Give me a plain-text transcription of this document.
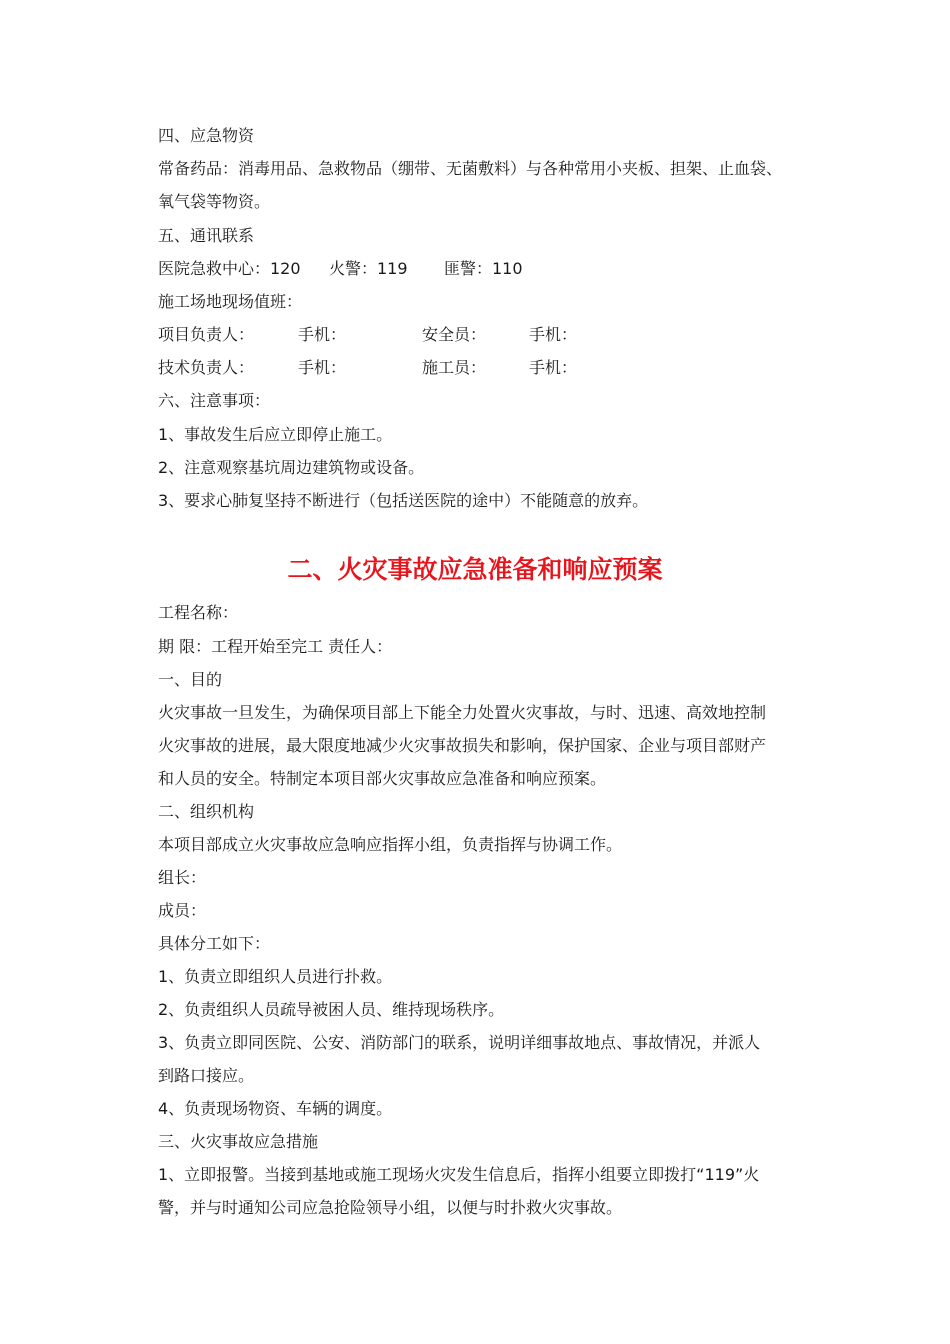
四、应急物资
常备药品：消毒用品、急救物品（绷带、无菌敷料）与各种常用小夹板、担架、止血袋、
氧气袋等物资。
五、通讯联系
医院急救中心：120 火警：119 匪警：110
施工场地现场值班：
项目负责人：	手机：	安全员：	手机：
技术负责人：	手机：	施工员：	手机：
六、注意事项：
1、事故发生后应立即停止施工。
2、注意观察基坑周边建筑物或设备。
3、要求心肺复坚持不断进行（包括送医院的途中）不能随意的放弃。
二、火灾事故应急准备和响应预案
工程名称：
期 限：工程开始至完工 责任人：
一、目的
火灾事故一旦发生，为确保项目部上下能全力处置火灾事故，与时、迅速、高效地控制
火灾事故的进展，最大限度地减少火灾事故损失和影响，保护国家、企业与项目部财产
和人员的安全。特制定本项目部火灾事故应急准备和响应预案。
二、组织机构
本项目部成立火灾事故应急响应指挥小组，负责指挥与协调工作。
组长：
成员：
具体分工如下：
1、负责立即组织人员进行扑救。
2、负责组织人员疏导被困人员、维持现场秩序。
3、负责立即同医院、公安、消防部门的联系，说明详细事故地点、事故情况，并派人
到路口接应。
4、负责现场物资、车辆的调度。
三、火灾事故应急措施
1、立即报警。当接到基地或施工现场火灾发生信息后，指挥小组要立即拨打“119”火
警，并与时通知公司应急抢险领导小组，以便与时扑救火灾事故。
